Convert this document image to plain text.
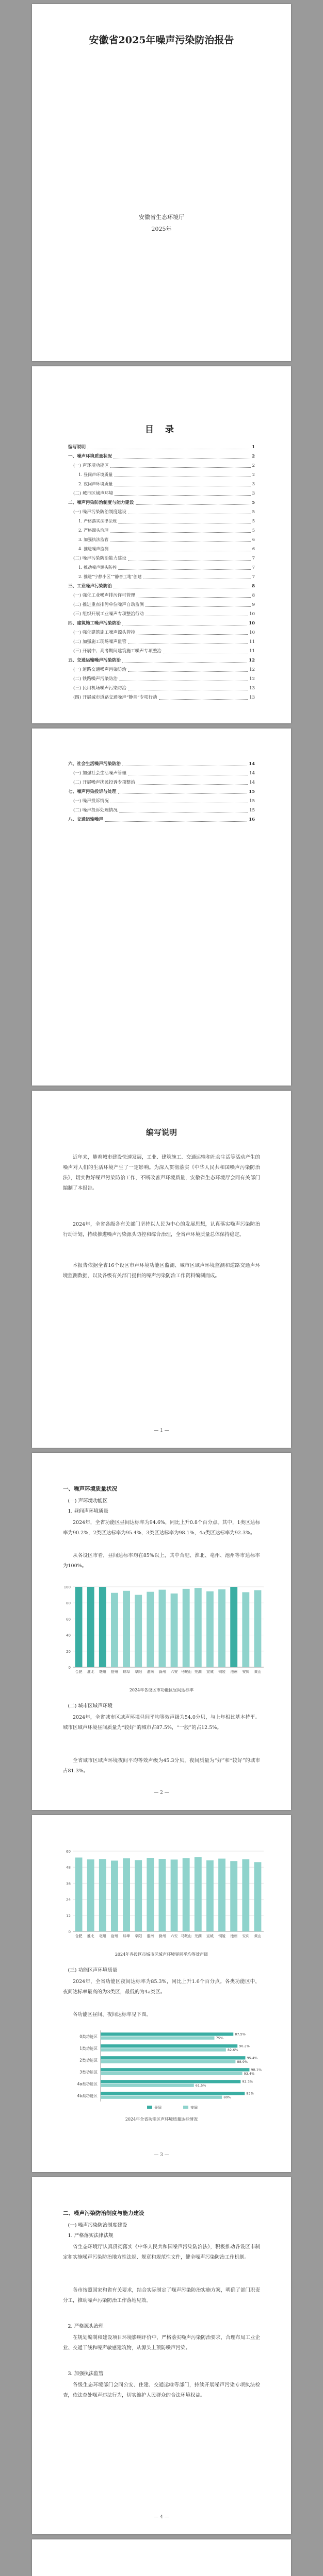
安徽省2025年噪声污染防治报告
安徽省生态环境厅
2025年
目 录
编写说明	1
一、噪声环境质量状况	2
(一) 声环境功能区	2
1. 昼间声环境质量	2
2. 夜间声环境质量	3
(二) 城市区域声环境	3
二、噪声污染防治制度与能力建设	5
(一) 噪声污染防治制度建设	5
1. 严格落实法律法规	5
2. 严格源头治理	5
3. 加强执法监管	6
4. 推进噪声监测	6
(二) 噪声污染防治能力建设	7
1. 推动噪声源头防控	7
2. 推进“宁静小区”“静音工地”创建	7
三、工业噪声污染防治	8
(一) 强化工业噪声排污许可管理	8
(二) 推进重点排污单位噪声自动监测	9
(三) 组织开展工业噪声专项整治行动	10
四、建筑施工噪声污染防治	10
(一) 强化建筑施工噪声源头管控	10
(二) 加强施工现场噪声监管	11
(三) 开展中、高考期间建筑施工噪声专项整治	11
五、交通运输噪声污染防治	12
(一) 道路交通噪声污染防治	12
(二) 铁路噪声污染防治	12
(三) 民用机场噪声污染防治	13
(四) 开展城市道路交通噪声“静音”专项行动	13
六、社会生活噪声污染防治	14
(一) 加强社会生活噪声管理	14
(二) 开展噪声扰民投诉专项整治	14
七、噪声污染投诉与处理	15
(一) 噪声投诉情况	15
(二) 噪声投诉处理情况	15
八、交通运输噪声	16
编写说明
近年来，随着城市建设快速发展，工业、建筑施工、交通运输和社会生活等活动产生的噪声对人们的生活环境产生了一定影响。为深入贯彻落实《中华人民共和国噪声污染防治法》，切实做好噪声污染防治工作，不断改善声环境质量，安徽省生态环境厅会同有关部门编制了本报告。
2024年，全省各级各有关部门坚持以人民为中心的发展思想，认真落实噪声污染防治行动计划，持续推进噪声污染源头防控和综合治理，全省声环境质量总体保持稳定。
本报告依据全省16个设区市声环境功能区监测、城市区域声环境监测和道路交通声环境监测数据，以及各级有关部门提供的噪声污染防治工作资料编制而成。
— 1 —
一、噪声环境质量状况
(一) 声环境功能区
1. 昼间声环境质量
2024年，全省功能区昼间达标率为94.6%，同比上升0.8个百分点。其中，1类区达标率为90.2%，2类区达标率为95.4%，3类区达标率为98.1%，4a类区达标率为92.3%。
从各设区市看，昼间达标率均在85%以上，其中合肥、淮北、亳州、池州等市达标率为100%。
0
20
40
60
80
100
合肥 淮北 亳州 宿州 蚌埠 阜阳 淮南 滁州 六安 马鞍山 芜湖 宣城 铜陵 池州 安庆 黄山
2024年各设区市功能区昼间达标率
(二) 城市区域声环境
2024年，全省城市区域声环境昼间平均等效声级为54.0分贝，与上年相比基本持平。城市区域声环境昼间质量为“较好”的城市占87.5%，“一般”的占12.5%。
全省城市区域声环境夜间平均等效声级为45.3分贝，夜间质量为“好”和“较好”的城市占81.3%。
— 2 —
0
12
24
36
48
60
合肥 淮北 亳州 宿州 蚌埠 阜阳 淮南 滁州 六安 马鞍山 芜湖 宣城 铜陵 池州 安庆 黄山
2024年各设区市城市区域声环境昼间平均等效声级
(三) 功能区声环境质量
2024年，全省功能区夜间达标率为85.3%，同比上升1.6个百分点。各类功能区中，夜间达标率最高的为3类区，最低的为4a类区。
各功能区昼间、夜间达标率见下图。
0类功能区	87.5%
75%
1类功能区	90.2%
82.6%
2类功能区	95.4%
88.9%
3类功能区	98.1%
93.4%
4a类功能区	92.3%
61.5%
4b类功能区	95%
80%
昼间	夜间
2024年全省功能区声环境质量达标情况
— 3 —
二、噪声污染防治制度与能力建设
(一) 噪声污染防治制度建设
1. 严格落实法律法规
省生态环境厅认真贯彻落实《中华人民共和国噪声污染防治法》，积极推动各设区市制定和实施噪声污染防治地方性法规、规章和规范性文件，健全噪声污染防治工作机制。
各市按照国家和省有关要求，结合实际制定了噪声污染防治实施方案，明确了部门职责分工，推动噪声污染防治工作落地见效。
2. 严格源头治理
在规划编制和建设项目环境影响评价中，严格落实噪声污染防治要求，合理布局工业企业、交通干线和噪声敏感建筑物，从源头上预防噪声污染。
3. 加强执法监管
各级生态环境部门会同公安、住建、交通运输等部门，持续开展噪声污染专项执法检查，依法查处噪声违法行为，切实维护人民群众的合法环境权益。
— 4 —
